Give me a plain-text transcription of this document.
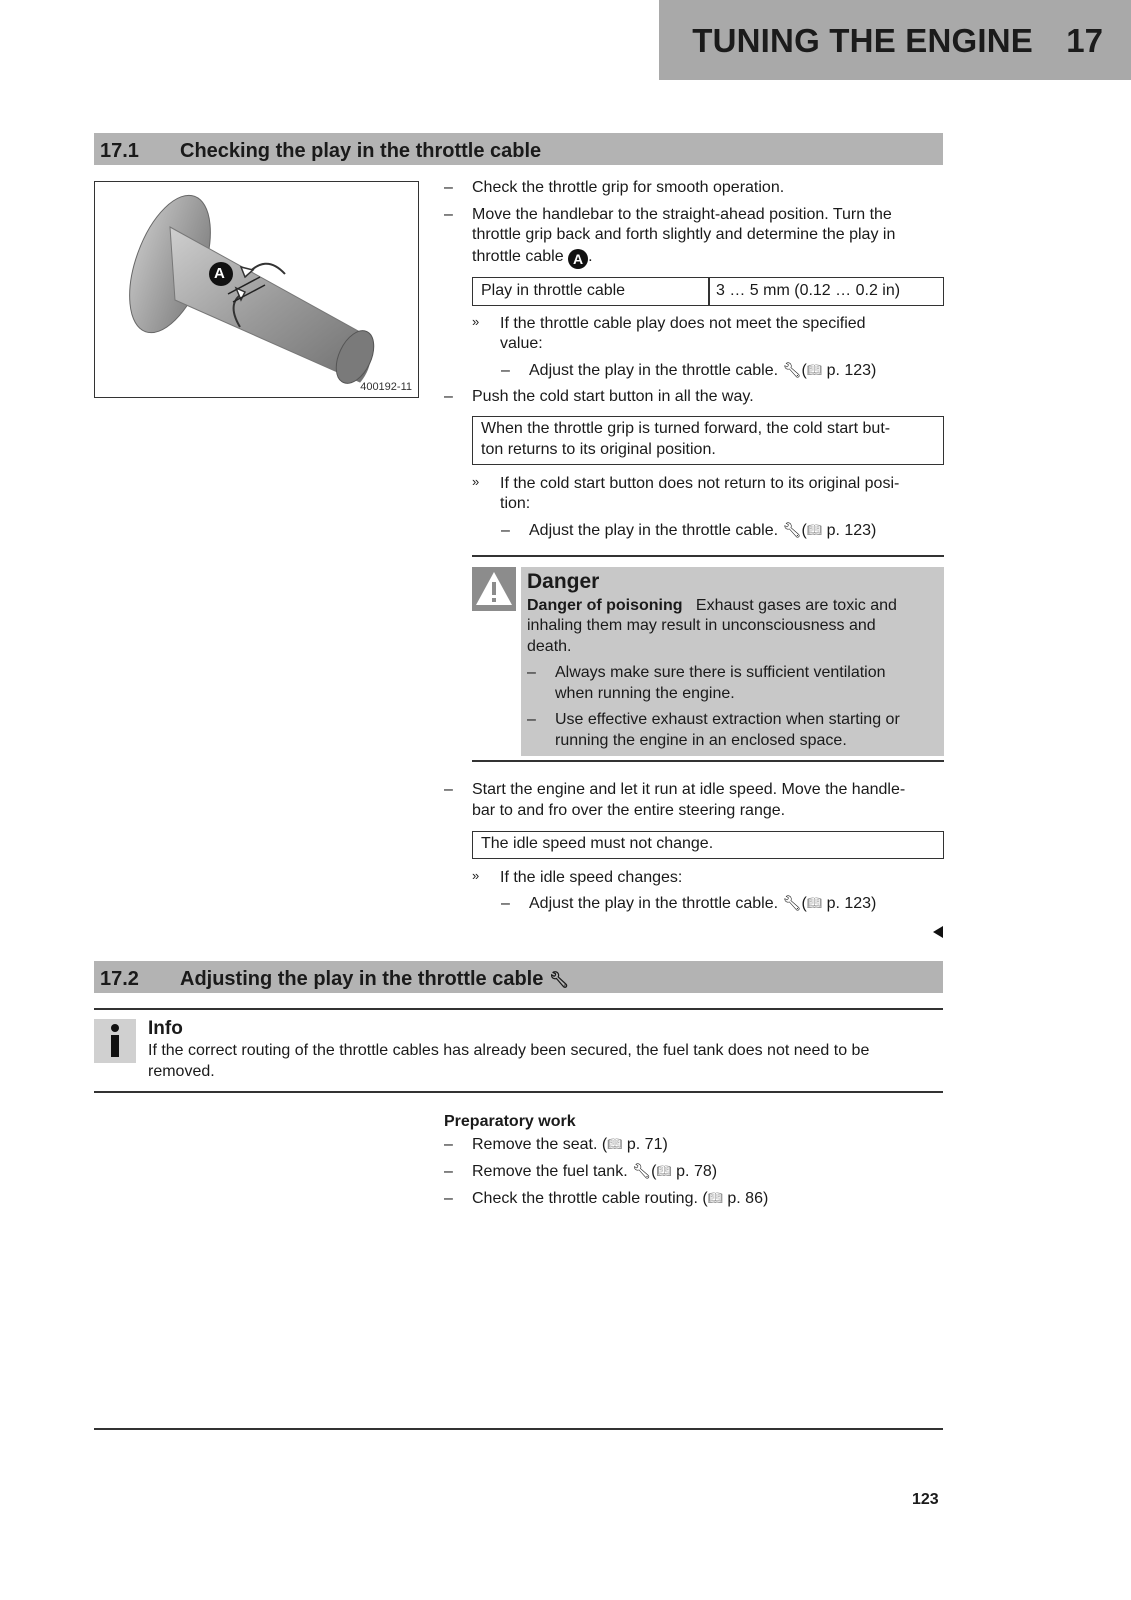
TUNING THE ENGINE 17
17.1 Checking the play in the throttle cable
A
400192-11
– Check the throttle grip for smooth operation.
– Move the handlebar to the straight-ahead position. Turn the
throttle grip back and forth slightly and determine the play in
throttle cable A .
Play in throttle cable	3 … 5 mm (0.12 … 0.2 in)
» If the throttle cable play does not meet the specified
value:
– Adjust the play in the throttle cable. 🔧︎(📖︎ p. 123)
– Push the cold start button in all the way.
When the throttle grip is turned forward, the cold start but-
ton returns to its original position.
» If the cold start button does not return to its original posi-
tion:
– Adjust the play in the throttle cable. 🔧︎(📖︎ p. 123)
Danger
Danger of poisoning Exhaust gases are toxic and
inhaling them may result in unconsciousness and
death.
– Always make sure there is sufficient ventilation
when running the engine.
– Use effective exhaust extraction when starting or
running the engine in an enclosed space.
– Start the engine and let it run at idle speed. Move the handle-
bar to and fro over the entire steering range.
The idle speed must not change.
» If the idle speed changes:
– Adjust the play in the throttle cable. 🔧︎(📖︎ p. 123)
17.2 Adjusting the play in the throttle cable 🔧︎
Info
If the correct routing of the throttle cables has already been secured, the fuel tank does not need to be
removed.
Preparatory work
– Remove the seat. (📖︎ p. 71)
– Remove the fuel tank. 🔧︎(📖︎ p. 78)
– Check the throttle cable routing. (📖︎ p. 86)
123
